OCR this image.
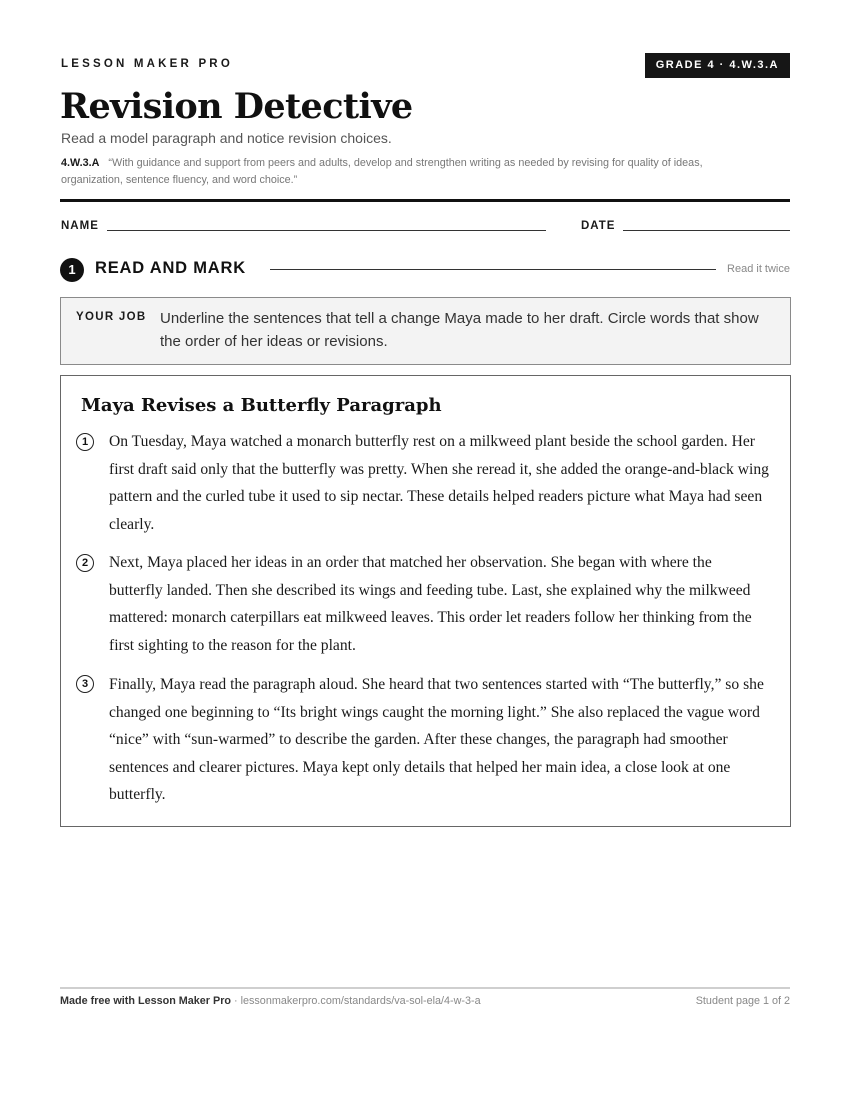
LESSON MAKER PRO	GRADE 4 · 4.W.3.A
Revision Detective
Read a model paragraph and notice revision choices.
4.W.3.A “With guidance and support from peers and adults, develop and strengthen writing as needed by revising for quality of ideas, organization, sentence fluency, and word choice.”
NAME	DATE
1	READ AND MARK	Read it twice
YOUR JOB Underline the sentences that tell a change Maya made to her draft. Circle words that show the order of her ideas or revisions.
Maya Revises a Butterfly Paragraph
1	On Tuesday, Maya watched a monarch butterfly rest on a milkweed plant beside the school garden. Her first draft said only that the butterfly was pretty. When she reread it, she added the orange-and-black wing pattern and the curled tube it used to sip nectar. These details helped readers picture what Maya had seen clearly.

2	Next, Maya placed her ideas in an order that matched her observation. She began with where the butterfly landed. Then she described its wings and feeding tube. Last, she explained why the milkweed mattered: monarch caterpillars eat milkweed leaves. This order let readers follow her thinking from the first sighting to the reason for the plant.

3	Finally, Maya read the paragraph aloud. She heard that two sentences started with “The butterfly,” so she changed one beginning to “Its bright wings caught the morning light.” She also replaced the vague word “nice” with “sun-warmed” to describe the garden. After these changes, the paragraph had smoother sentences and clearer pictures. Maya kept only details that helped her main idea, a close look at one butterfly.

Made free with Lesson Maker Pro · lessonmakerpro.com/standards/va-sol-ela/4-w-3-a	Student page 1 of 2
